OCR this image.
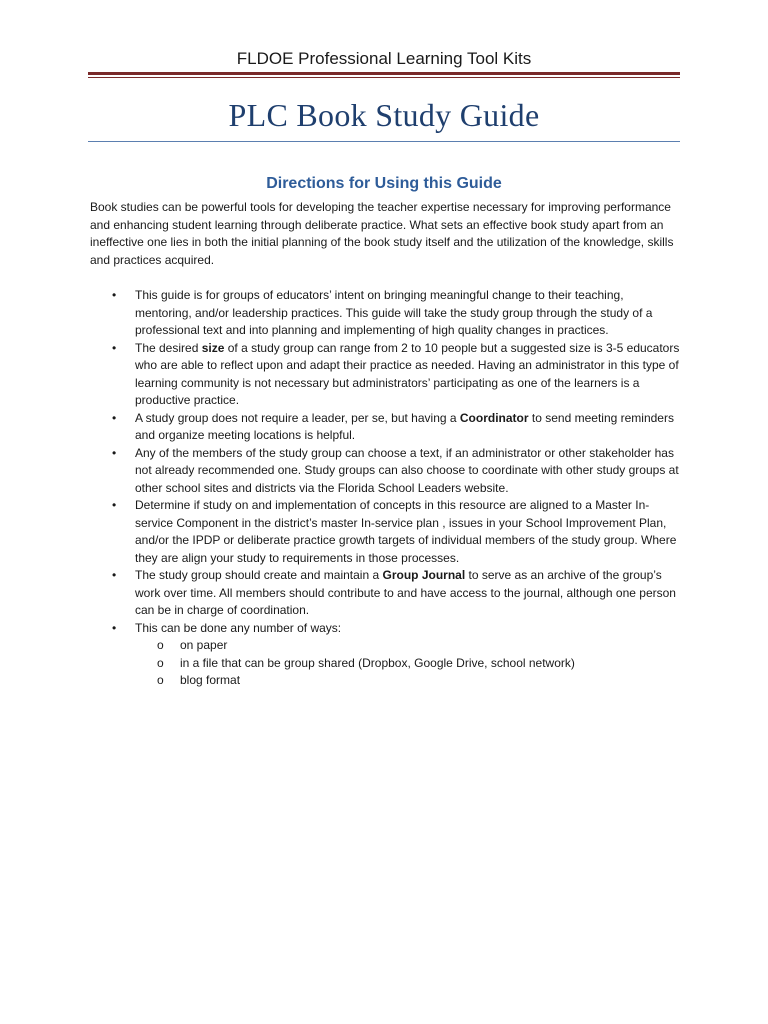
FLDOE Professional Learning Tool Kits
PLC Book Study Guide
Directions for Using this Guide

Book studies can be powerful tools for developing the teacher expertise necessary for improving performance and enhancing student learning through deliberate practice. What sets an effective book study apart from an ineffective one lies in both the initial planning of the book study itself and the utilization of the knowledge, skills and practices acquired.

• This guide is for groups of educators’ intent on bringing meaningful change to their teaching, mentoring, and/or leadership practices. This guide will take the study group through the study of a professional text and into planning and implementing of high quality changes in practices.
• The desired size of a study group can range from 2 to 10 people but a suggested size is 3-5 educators who are able to reflect upon and adapt their practice as needed. Having an administrator in this type of learning community is not necessary but administrators’ participating as one of the learners is a productive practice.
• A study group does not require a leader, per se, but having a Coordinator to send meeting reminders and organize meeting locations is helpful.
• Any of the members of the study group can choose a text, if an administrator or other stakeholder has not already recommended one. Study groups can also choose to coordinate with other study groups at other school sites and districts via the Florida School Leaders website.
• Determine if study on and implementation of concepts in this resource are aligned to a Master In-service Component in the district’s master In-service plan , issues in your School Improvement Plan, and/or the IPDP or deliberate practice growth targets of individual members of the study group. Where they are align your study to requirements in those processes.
• The study group should create and maintain a Group Journal to serve as an archive of the group’s work over time. All members should contribute to and have access to the journal, although one person can be in charge of coordination.
• This can be done any number of ways:
o on paper
o in a file that can be group shared (Dropbox, Google Drive, school network)
o blog format
